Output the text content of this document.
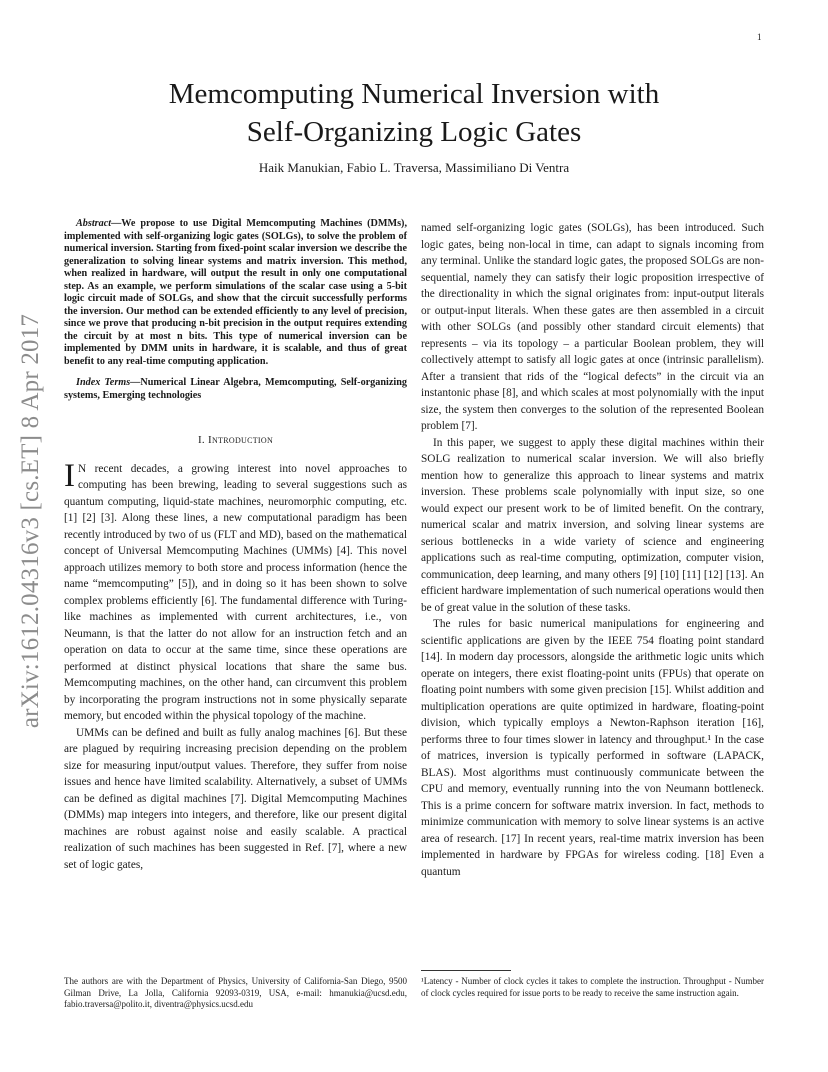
1
arXiv:1612.04316v3 [cs.ET] 8 Apr 2017
Memcomputing Numerical Inversion with
Self-Organizing Logic Gates
Haik Manukian, Fabio L. Traversa, Massimiliano Di Ventra

Abstract—We propose to use Digital Memcomputing Machines (DMMs), implemented with self-organizing logic gates (SOLGs), to solve the problem of numerical inversion. Starting from fixed-point scalar inversion we describe the generalization to solving linear systems and matrix inversion. This method, when realized in hardware, will output the result in only one computational step. As an example, we perform simulations of the scalar case using a 5-bit logic circuit made of SOLGs, and show that the circuit successfully performs the inversion. Our method can be extended efficiently to any level of precision, since we prove that producing n-bit precision in the output requires extending the circuit by at most n bits. This type of numerical inversion can be implemented by DMM units in hardware, it is scalable, and thus of great benefit to any real-time computing application.

Index Terms—Numerical Linear Algebra, Memcomputing, Self-organizing systems, Emerging technologies

I. Introduction

I N recent decades, a growing interest into novel approaches to computing has been brewing, leading to several suggestions such as quantum computing, liquid-state machines, neuromorphic computing, etc. [1] [2] [3]. Along these lines, a new computational paradigm has been recently introduced by two of us (FLT and MD), based on the mathematical concept of Universal Memcomputing Machines (UMMs) [4]. This novel approach utilizes memory to both store and process information (hence the name “memcomputing” [5]), and in doing so it has been shown to solve complex problems efficiently [6]. The fundamental difference with Turing-like machines as implemented with current architectures, i.e., von Neumann, is that the latter do not allow for an instruction fetch and an operation on data to occur at the same time, since these operations are performed at distinct physical locations that share the same bus. Memcomputing machines, on the other hand, can circumvent this problem by incorporating the program instructions not in some physically separate memory, but encoded within the physical topology of the machine.

UMMs can be defined and built as fully analog machines [6]. But these are plagued by requiring increasing precision depending on the problem size for measuring input/output values. Therefore, they suffer from noise issues and hence have limited scalability. Alternatively, a subset of UMMs can be defined as digital machines [7]. Digital Memcomputing Machines (DMMs) map integers into integers, and therefore, like our present digital machines are robust against noise and easily scalable. A practical realization of such machines has been suggested in Ref. [7], where a new set of logic gates,

named self-organizing logic gates (SOLGs), has been introduced. Such logic gates, being non-local in time, can adapt to signals incoming from any terminal. Unlike the standard logic gates, the proposed SOLGs are non-sequential, namely they can satisfy their logic proposition irrespective of the directionality in which the signal originates from: input-output literals or output-input literals. When these gates are then assembled in a circuit with other SOLGs (and possibly other standard circuit elements) that represents – via its topology – a particular Boolean problem, they will collectively attempt to satisfy all logic gates at once (intrinsic parallelism). After a transient that rids of the “logical defects” in the circuit via an instantonic phase [8], and which scales at most polynomially with the input size, the system then converges to the solution of the represented Boolean problem [7].

In this paper, we suggest to apply these digital machines within their SOLG realization to numerical scalar inversion. We will also briefly mention how to generalize this approach to linear systems and matrix inversion. These problems scale polynomially with input size, so one would expect our present work to be of limited benefit. On the contrary, numerical scalar and matrix inversion, and solving linear systems are serious bottlenecks in a wide variety of science and engineering applications such as real-time computing, optimization, computer vision, communication, deep learning, and many others [9] [10] [11] [12] [13]. An efficient hardware implementation of such numerical operations would then be of great value in the solution of these tasks.

The rules for basic numerical manipulations for engineering and scientific applications are given by the IEEE 754 floating point standard [14]. In modern day processors, alongside the arithmetic logic units which operate on integers, there exist floating-point units (FPUs) that operate on floating point numbers with some given precision [15]. Whilst addition and multiplication operations are quite optimized in hardware, floating-point division, which typically employs a Newton-Raphson iteration [16], performs three to four times slower in latency and throughput.¹ In the case of matrices, inversion is typically performed in software (LAPACK, BLAS). Most algorithms must continuously communicate between the CPU and memory, eventually running into the von Neumann bottleneck. This is a prime concern for software matrix inversion. In fact, methods to minimize communication with memory to solve linear systems is an active area of research. [17] In recent years, real-time matrix inversion has been implemented in hardware by FPGAs for wireless coding. [18] Even a quantum

The authors are with the Department of Physics, University of California-San Diego, 9500 Gilman Drive, La Jolla, California 92093-0319, USA, e-mail: hmanukia@ucsd.edu, fabio.traversa@polito.it, diventra@physics.ucsd.edu
¹Latency - Number of clock cycles it takes to complete the instruction. Throughput - Number of clock cycles required for issue ports to be ready to receive the same instruction again.
